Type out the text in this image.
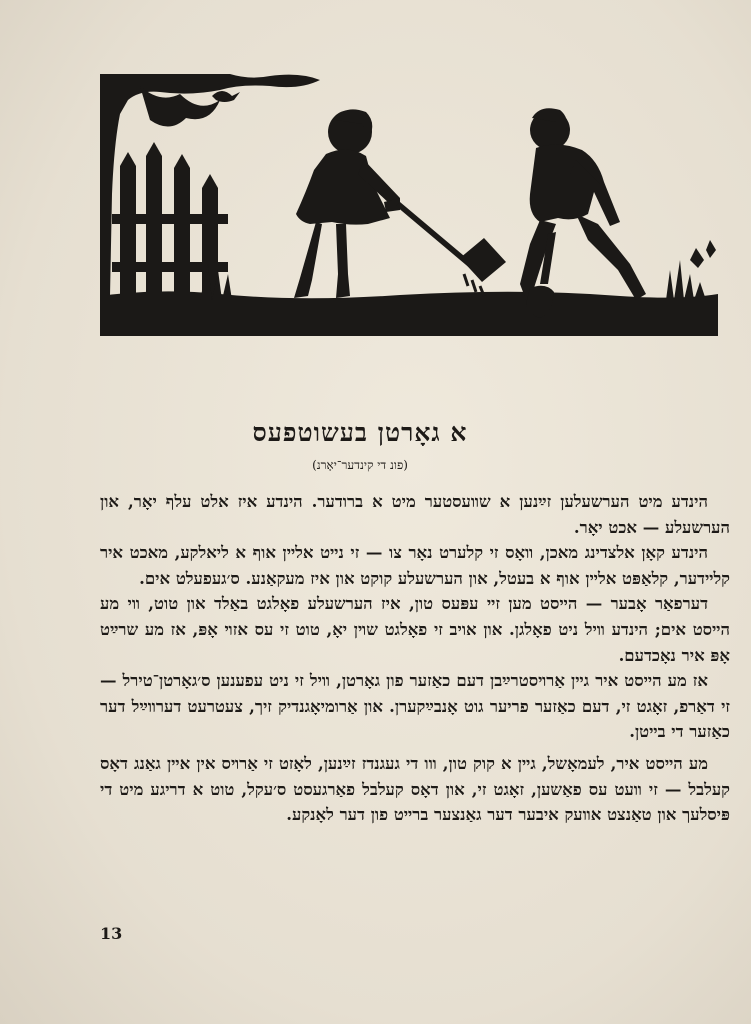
א גאָרטן בעשוטפעס
(פונ די קינדער־יאָרנ)

הינדע מיט הערשעלען זײַנען א שװעסטער מיט א ברודער. הינדע איז אלט עלף יאָר, און הערשעלע — אכט יאָר.

הינדע קאָן אלצדינג מאכן, װאָס זי קלערט נאָר צו — זי נײט אלײן אוף א ליאלקע, מאכט איר קלײדער, קלאַפּט אלײן אוף א בעטל, און הערשעלע קוקט און איז מעקאַנע. ס׳געפעלט אים.

דערפאַר אָבער — הײסט מען זײ עפּעס טון, איז הערשעלע פאָלגט באַלד און טוט, װי מע הײסט אים; הינדע װיל ניט פאָלגן. און אויב זי פאָלגט שױן יאָ, טוט זי עס אזױ אָפּ, אז מע שרײַט אָפּ איר נאָכדעם.

אז מע הײסט איר גײן אַרױסטרײַבן דעם כאַזער פון גאָרטן, װיל זי ניט עפענען ס׳גאָרטן־טירל — זי דאַרפ, זאָגט זי, דעם כאַזער פריער גוט אָנבײַקערן. און אַרומיאָגנדיק זיך, צעטרעט דערװײַל דער כאַזער די בײטן.

מע הײסט איר, לעמאָשל, גײן א קוק טון, װו די געגנדז זײַנען, לאָזט זי אַרױס אין אײן גאַנג דאָס קעלבל — זי װעט עס פאַשען, זאָגט זי, און דאָס קעלבל פאַרגעסט ס׳עקל, טוט א דריגע מיט די פּיסלעך און טאַנצט אװעק איבער דער גאַנצער ברײט פון דער לאָנקע.

13
